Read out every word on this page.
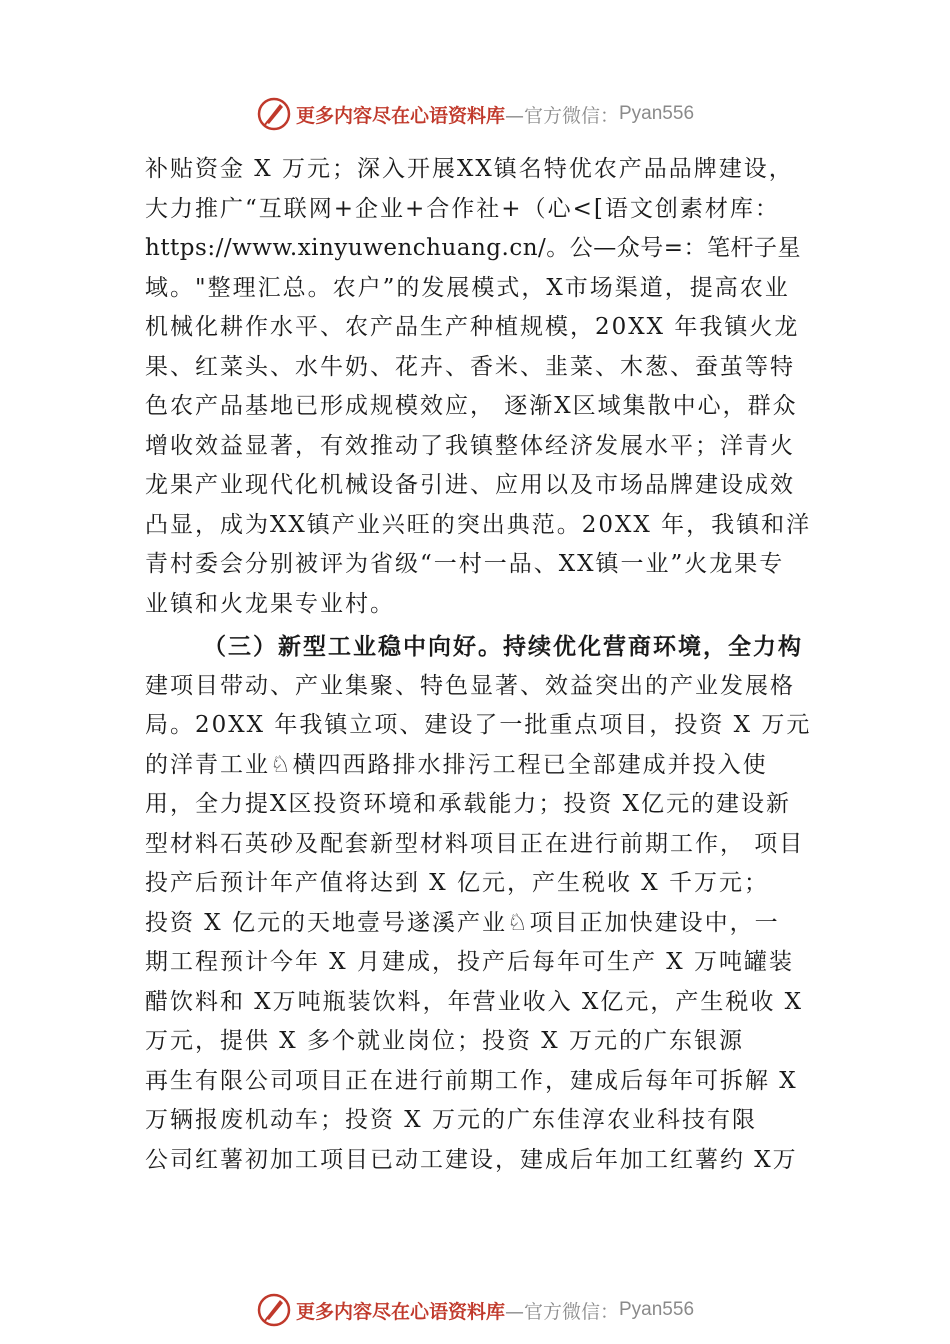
更多内容尽在心语资料库 —官方微信： Pyan556
补贴资金 X 万元；深入开展XX镇名特优农产品品牌建设，
大力推广“互联网+企业+合作社+（心<[语文创素材库：
https://www.xinyuwenchuang.cn/。公—众号=：笔杆子星
域。"整理汇总。农户”的发展模式，X市场渠道，提高农业
机械化耕作水平、农产品生产种植规模，20XX 年我镇火龙
果、红菜头、水牛奶、花卉、香米、韭菜、木葱、蚕茧等特
色农产品基地已形成规模效应， 逐渐X区域集散中心，群众
增收效益显著，有效推动了我镇整体经济发展水平；洋青火
龙果产业现代化机械设备引进、应用以及市场品牌建设成效
凸显，成为XX镇产业兴旺的突出典范。20XX 年，我镇和洋
青村委会分别被评为省级“一村一品、XX镇一业”火龙果专
业镇和火龙果专业村。
（三）新型工业稳中向好。持续优化营商环境，全力构
建项目带动、产业集聚、特色显著、效益突出的产业发展格
局。20XX 年我镇立项、建设了一批重点项目，投资 X 万元
的洋青工业♘横四西路排水排污工程已全部建成并投入使
用，全力提X区投资环境和承载能力；投资 X亿元的建设新
型材料石英砂及配套新型材料项目正在进行前期工作， 项目
投产后预计年产值将达到 X 亿元，产生税收 X 千万元；
投资 X 亿元的天地壹号遂溪产业♘项目正加快建设中，一
期工程预计今年 X 月建成，投产后每年可生产 X 万吨罐装
醋饮料和 X万吨瓶装饮料，年营业收入 X亿元，产生税收 X
万元，提供 X 多个就业岗位；投资 X 万元的广东银源
再生有限公司项目正在进行前期工作，建成后每年可拆解 X
万辆报废机动车；投资 X 万元的广东佳淳农业科技有限
公司红薯初加工项目已动工建设，建成后年加工红薯约 X万
更多内容尽在心语资料库 —官方微信： Pyan556
